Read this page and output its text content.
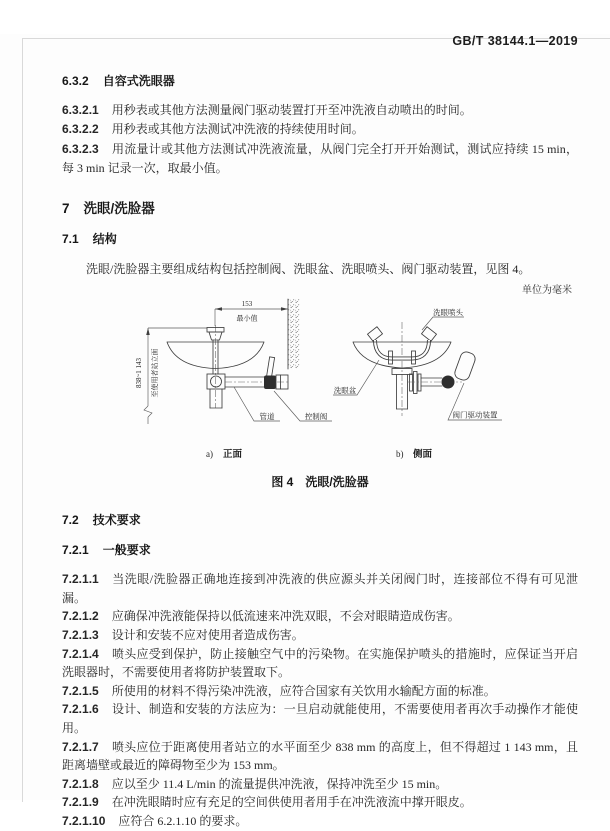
GB/T 38144.1—2019
6.3.2 自容式洗眼器

6.3.2.1 用秒表或其他方法测量阀门驱动装置打开至冲洗液自动喷出的时间。

6.3.2.2 用秒表或其他方法测试冲洗液的持续使用时间。

6.3.2.3 用流量计或其他方法测试冲洗液流量，从阀门完全打开开始测试，测试应持续 15 min，每 3 min 记录一次，取最小值。

7 洗眼/洗脸器
7.1 结构

洗眼/洗脸器主要组成结构包括控制阀、洗眼盆、洗眼喷头、阀门驱动装置，见图 4。

单位为毫米
153
最小值
838~1 143 至使用者站立面
管道	控制阀
a) 正面
洗眼喷头
洗眼盆
阀门驱动装置
b) 侧面
图 4 洗眼/洗脸器
7.2 技术要求
7.2.1 一般要求

7.2.1.1 当洗眼/洗脸器正确地连接到冲洗液的供应源头并关闭阀门时，连接部位不得有可见泄漏。

7.2.1.2 应确保冲洗液能保持以低流速来冲洗双眼，不会对眼睛造成伤害。

7.2.1.3 设计和安装不应对使用者造成伤害。

7.2.1.4 喷头应受到保护，防止接触空气中的污染物。在实施保护喷头的措施时，应保证当开启洗眼器时，不需要使用者将防护装置取下。

7.2.1.5 所使用的材料不得污染冲洗液，应符合国家有关饮用水输配方面的标准。

7.2.1.6 设计、制造和安装的方法应为：一旦启动就能使用，不需要使用者再次手动操作才能使用。

7.2.1.7 喷头应位于距离使用者站立的水平面至少 838 mm 的高度上，但不得超过 1 143 mm，且距离墙壁或最近的障碍物至少为 153 mm。

7.2.1.8 应以至少 11.4 L/min 的流量提供冲洗液，保持冲洗至少 15 min。

7.2.1.9 在冲洗眼睛时应有充足的空间供使用者用手在冲洗液流中撑开眼皮。

7.2.1.10 应符合 6.2.1.10 的要求。
